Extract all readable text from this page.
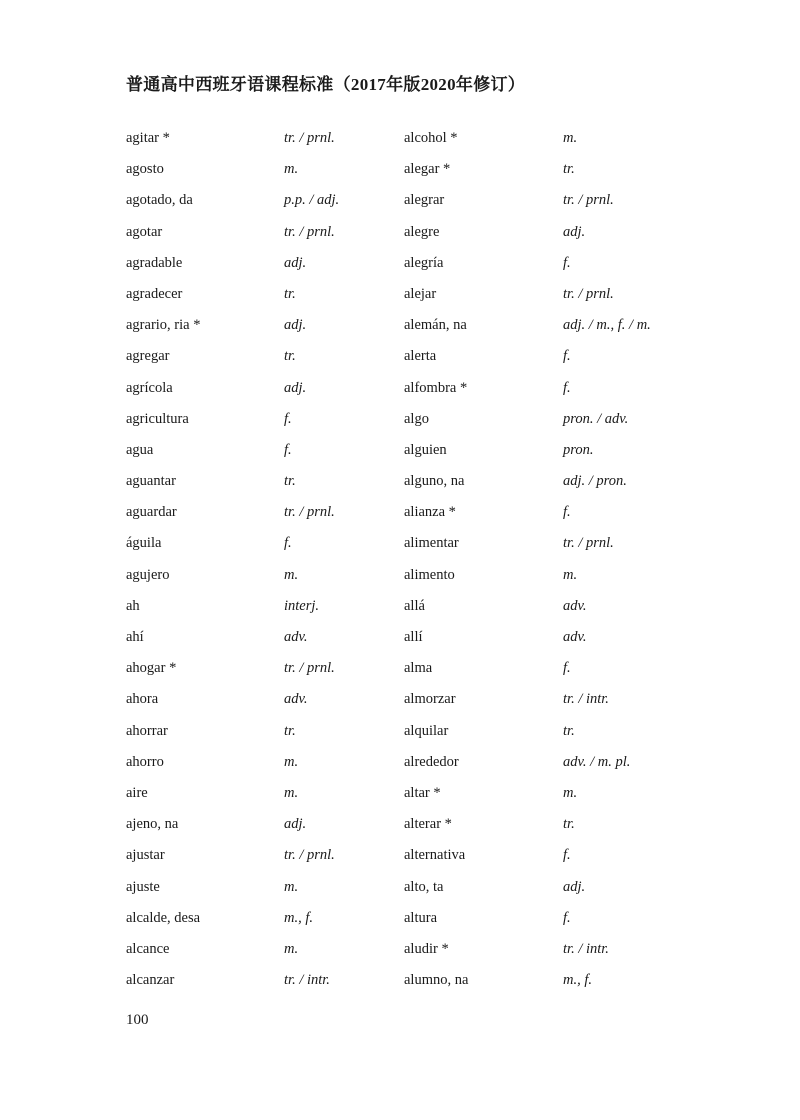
普通高中西班牙语课程标准（2017年版2020年修订）
agitar *	tr. / prnl.	alcohol *	m.
agosto	m.	alegar *	tr.
agotado, da	p.p. / adj.	alegrar	tr. / prnl.
agotar	tr. / prnl.	alegre	adj.
agradable	adj.	alegría	f.
agradecer	tr.	alejar	tr. / prnl.
agrario, ria *	adj.	alemán, na	adj. / m., f. / m.
agregar	tr.	alerta	f.
agrícola	adj.	alfombra *	f.
agricultura	f.	algo	pron. / adv.
agua	f.	alguien	pron.
aguantar	tr.	alguno, na	adj. / pron.
aguardar	tr. / prnl.	alianza *	f.
águila	f.	alimentar	tr. / prnl.
agujero	m.	alimento	m.
ah	interj.	allá	adv.
ahí	adv.	allí	adv.
ahogar *	tr. / prnl.	alma	f.
ahora	adv.	almorzar	tr. / intr.
ahorrar	tr.	alquilar	tr.
ahorro	m.	alrededor	adv. / m. pl.
aire	m.	altar *	m.
ajeno, na	adj.	alterar *	tr.
ajustar	tr. / prnl.	alternativa	f.
ajuste	m.	alto, ta	adj.
alcalde, desa	m., f.	altura	f.
alcance	m.	aludir *	tr. / intr.
alcanzar	tr. / intr.	alumno, na	m., f.
100
